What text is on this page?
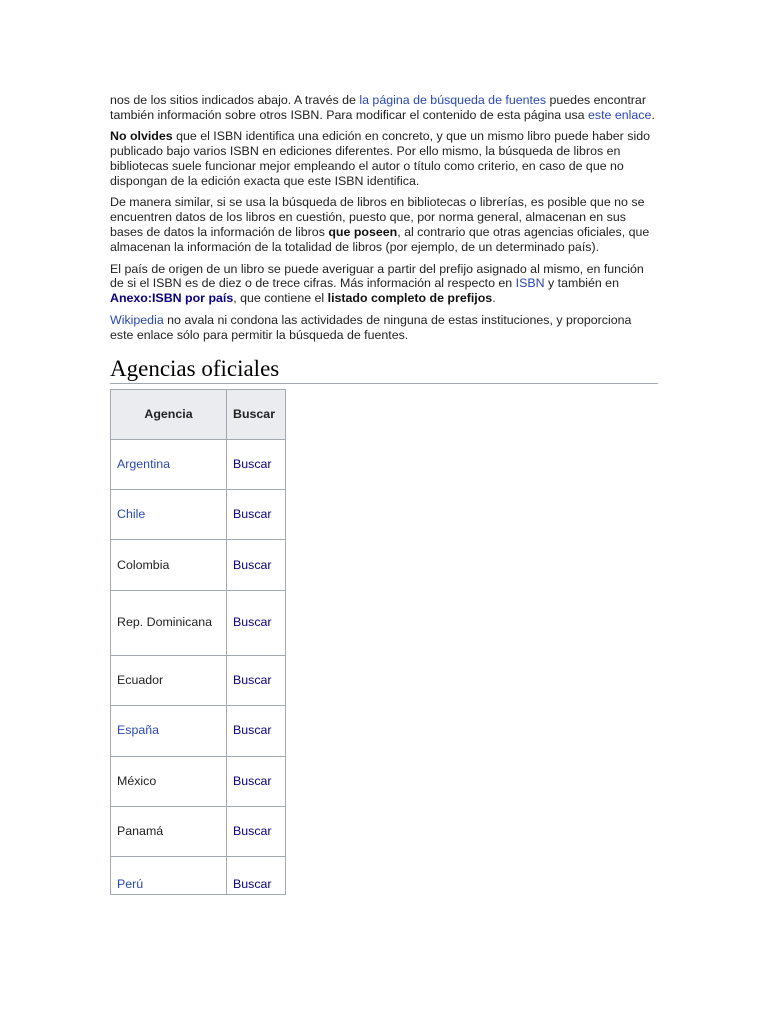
nos de los sitios indicados abajo. A través de la página de búsqueda de fuentes puedes encontrar también información sobre otros ISBN. Para modificar el contenido de esta página usa este enlace.

No olvides que el ISBN identifica una edición en concreto, y que un mismo libro puede haber sido publicado bajo varios ISBN en ediciones diferentes. Por ello mismo, la búsqueda de libros en bibliotecas suele funcionar mejor empleando el autor o título como criterio, en caso de que no dispongan de la edición exacta que este ISBN identifica.

De manera similar, si se usa la búsqueda de libros en bibliotecas o librerías, es posible que no se encuentren datos de los libros en cuestión, puesto que, por norma general, almacenan en sus bases de datos la información de libros que poseen, al contrario que otras agencias oficiales, que almacenan la información de la totalidad de libros (por ejemplo, de un determinado país).

El país de origen de un libro se puede averiguar a partir del prefijo asignado al mismo, en función de si el ISBN es de diez o de trece cifras. Más información al respecto en ISBN y también en Anexo:ISBN por país, que contiene el listado completo de prefijos.

Wikipedia no avala ni condona las actividades de ninguna de estas instituciones, y proporciona este enlace sólo para permitir la búsqueda de fuentes.

Agencias oficiales
Agencia	Buscar
Argentina	Buscar
Chile	Buscar
Colombia	Buscar
Rep. Dominicana	Buscar
Ecuador	Buscar
España	Buscar
México	Buscar
Panamá	Buscar
Perú	Buscar
